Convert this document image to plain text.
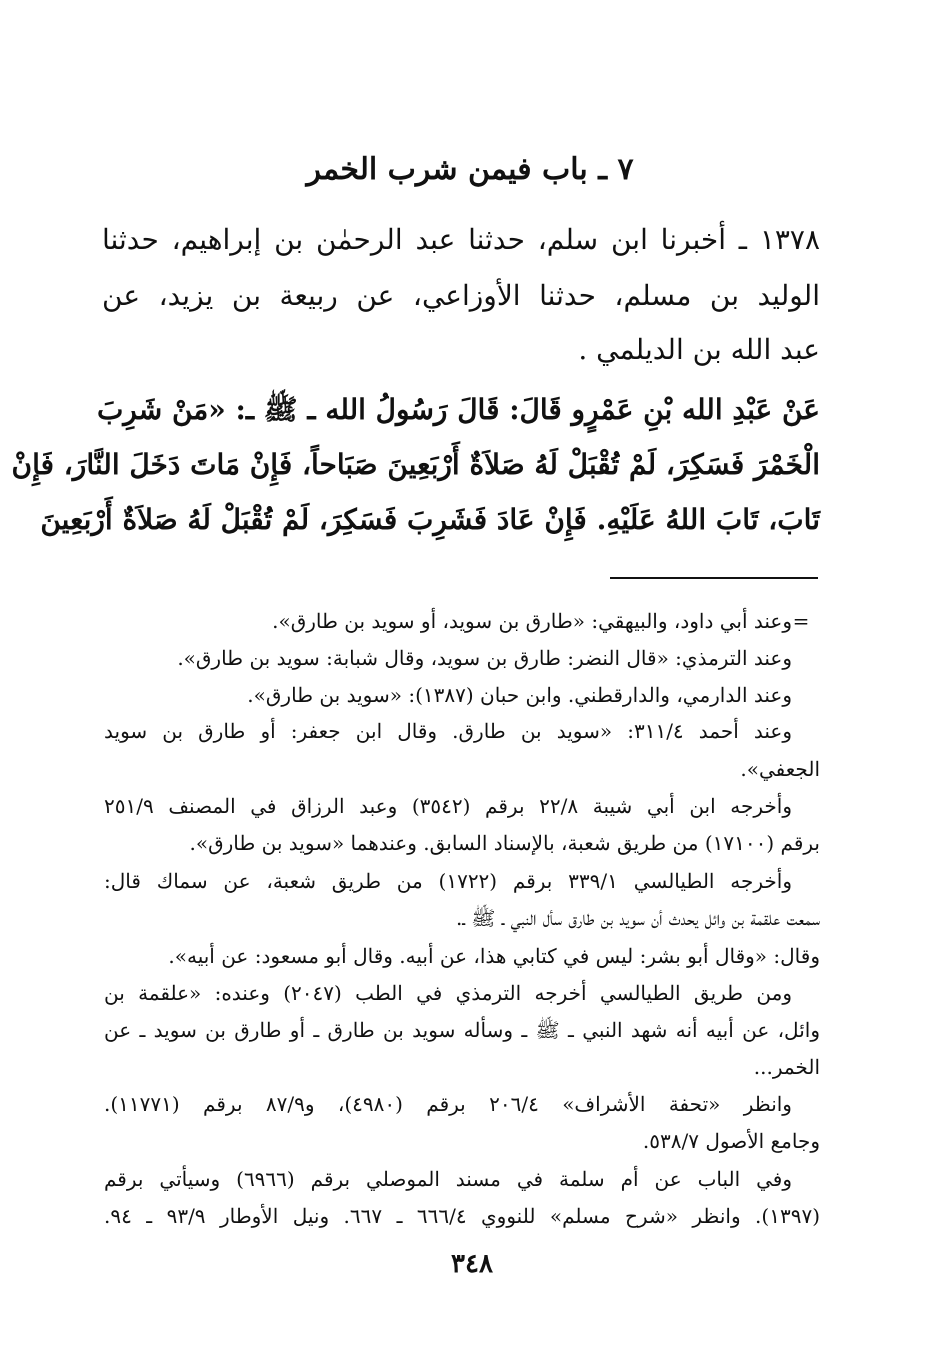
٧ ـ باب فيمن شرب الخمر
١٣٧٨ ـ أخبرنا ابن سلم، حدثنا عبد الرحمٰن بن إبراهيم، حدثنا
الوليد بن مسلم، حدثنا الأوزاعي، عن ربيعة بن يزيد، عن
عبد الله بن الديلمي .
عَنْ عَبْدِ الله بْنِ عَمْرٍو قَالَ: قَالَ رَسُولُ الله ـ ﷺ ـ: «مَنْ شَرِبَ
الْخَمْرَ فَسَكِرَ، لَمْ تُقْبَلْ لَهُ صَلاَةٌ أَرْبَعِينَ صَبَاحاً، فَإِنْ مَاتَ دَخَلَ النَّارَ، فَإِنْ
تَابَ، تَابَ اللهُ عَلَيْهِ. فَإِنْ عَادَ فَشَرِبَ فَسَكِرَ، لَمْ تُقْبَلْ لَهُ صَلاَةٌ أَرْبَعِينَ
=
وعند أبي داود، والبيهقي: «طارق بن سويد، أو سويد بن طارق».
وعند الترمذي: «قال النضر: طارق بن سويد، وقال شبابة: سويد بن طارق».
وعند الدارمي، والدارقطني. وابن حبان (١٣٨٧): «سويد بن طارق».
وعند أحمد ٣١١/٤: «سويد بن طارق. وقال ابن جعفر: أو طارق بن سويد
الجعفي».
وأخرجه ابن أبي شيبة ٢٢/٨ برقم (٣٥٤٢) وعبد الرزاق في المصنف ٢٥١/٩
برقم (١٧١٠٠) من طريق شعبة، بالإسناد السابق. وعندهما «سويد بن طارق».
وأخرجه الطيالسي ٣٣٩/١ برقم (١٧٢٢) من طريق شعبة، عن سماك قال:
سمعت علقمة بن وائل يحدث أن سويد بن طارق سأل النبي ـ ﷺ ـ.
وقال: «وقال أبو بشر: ليس في كتابي هذا، عن أبيه. وقال أبو مسعود: عن أبيه».
ومن طريق الطيالسي أخرجه الترمذي في الطب (٢٠٤٧) وعنده: «علقمة بن
وائل، عن أبيه أنه شهد النبي ـ ﷺ ـ وسأله سويد بن طارق ـ أو طارق بن سويد ـ عن
الخمر...
وانظر «تحفة الأشراف» ٢٠٦/٤ برقم (٤٩٨٠)، و٨٧/٩ برقم (١١٧٧١).
وجامع الأصول ٥٣٨/٧.
وفي الباب عن أم سلمة في مسند الموصلي برقم (٦٩٦٦) وسيأتي برقم
(١٣٩٧). وانظر «شرح مسلم» للنووي ٦٦٦/٤ ـ ٦٦٧. ونيل الأوطار ٩٣/٩ ـ ٩٤.
٣٤٨
